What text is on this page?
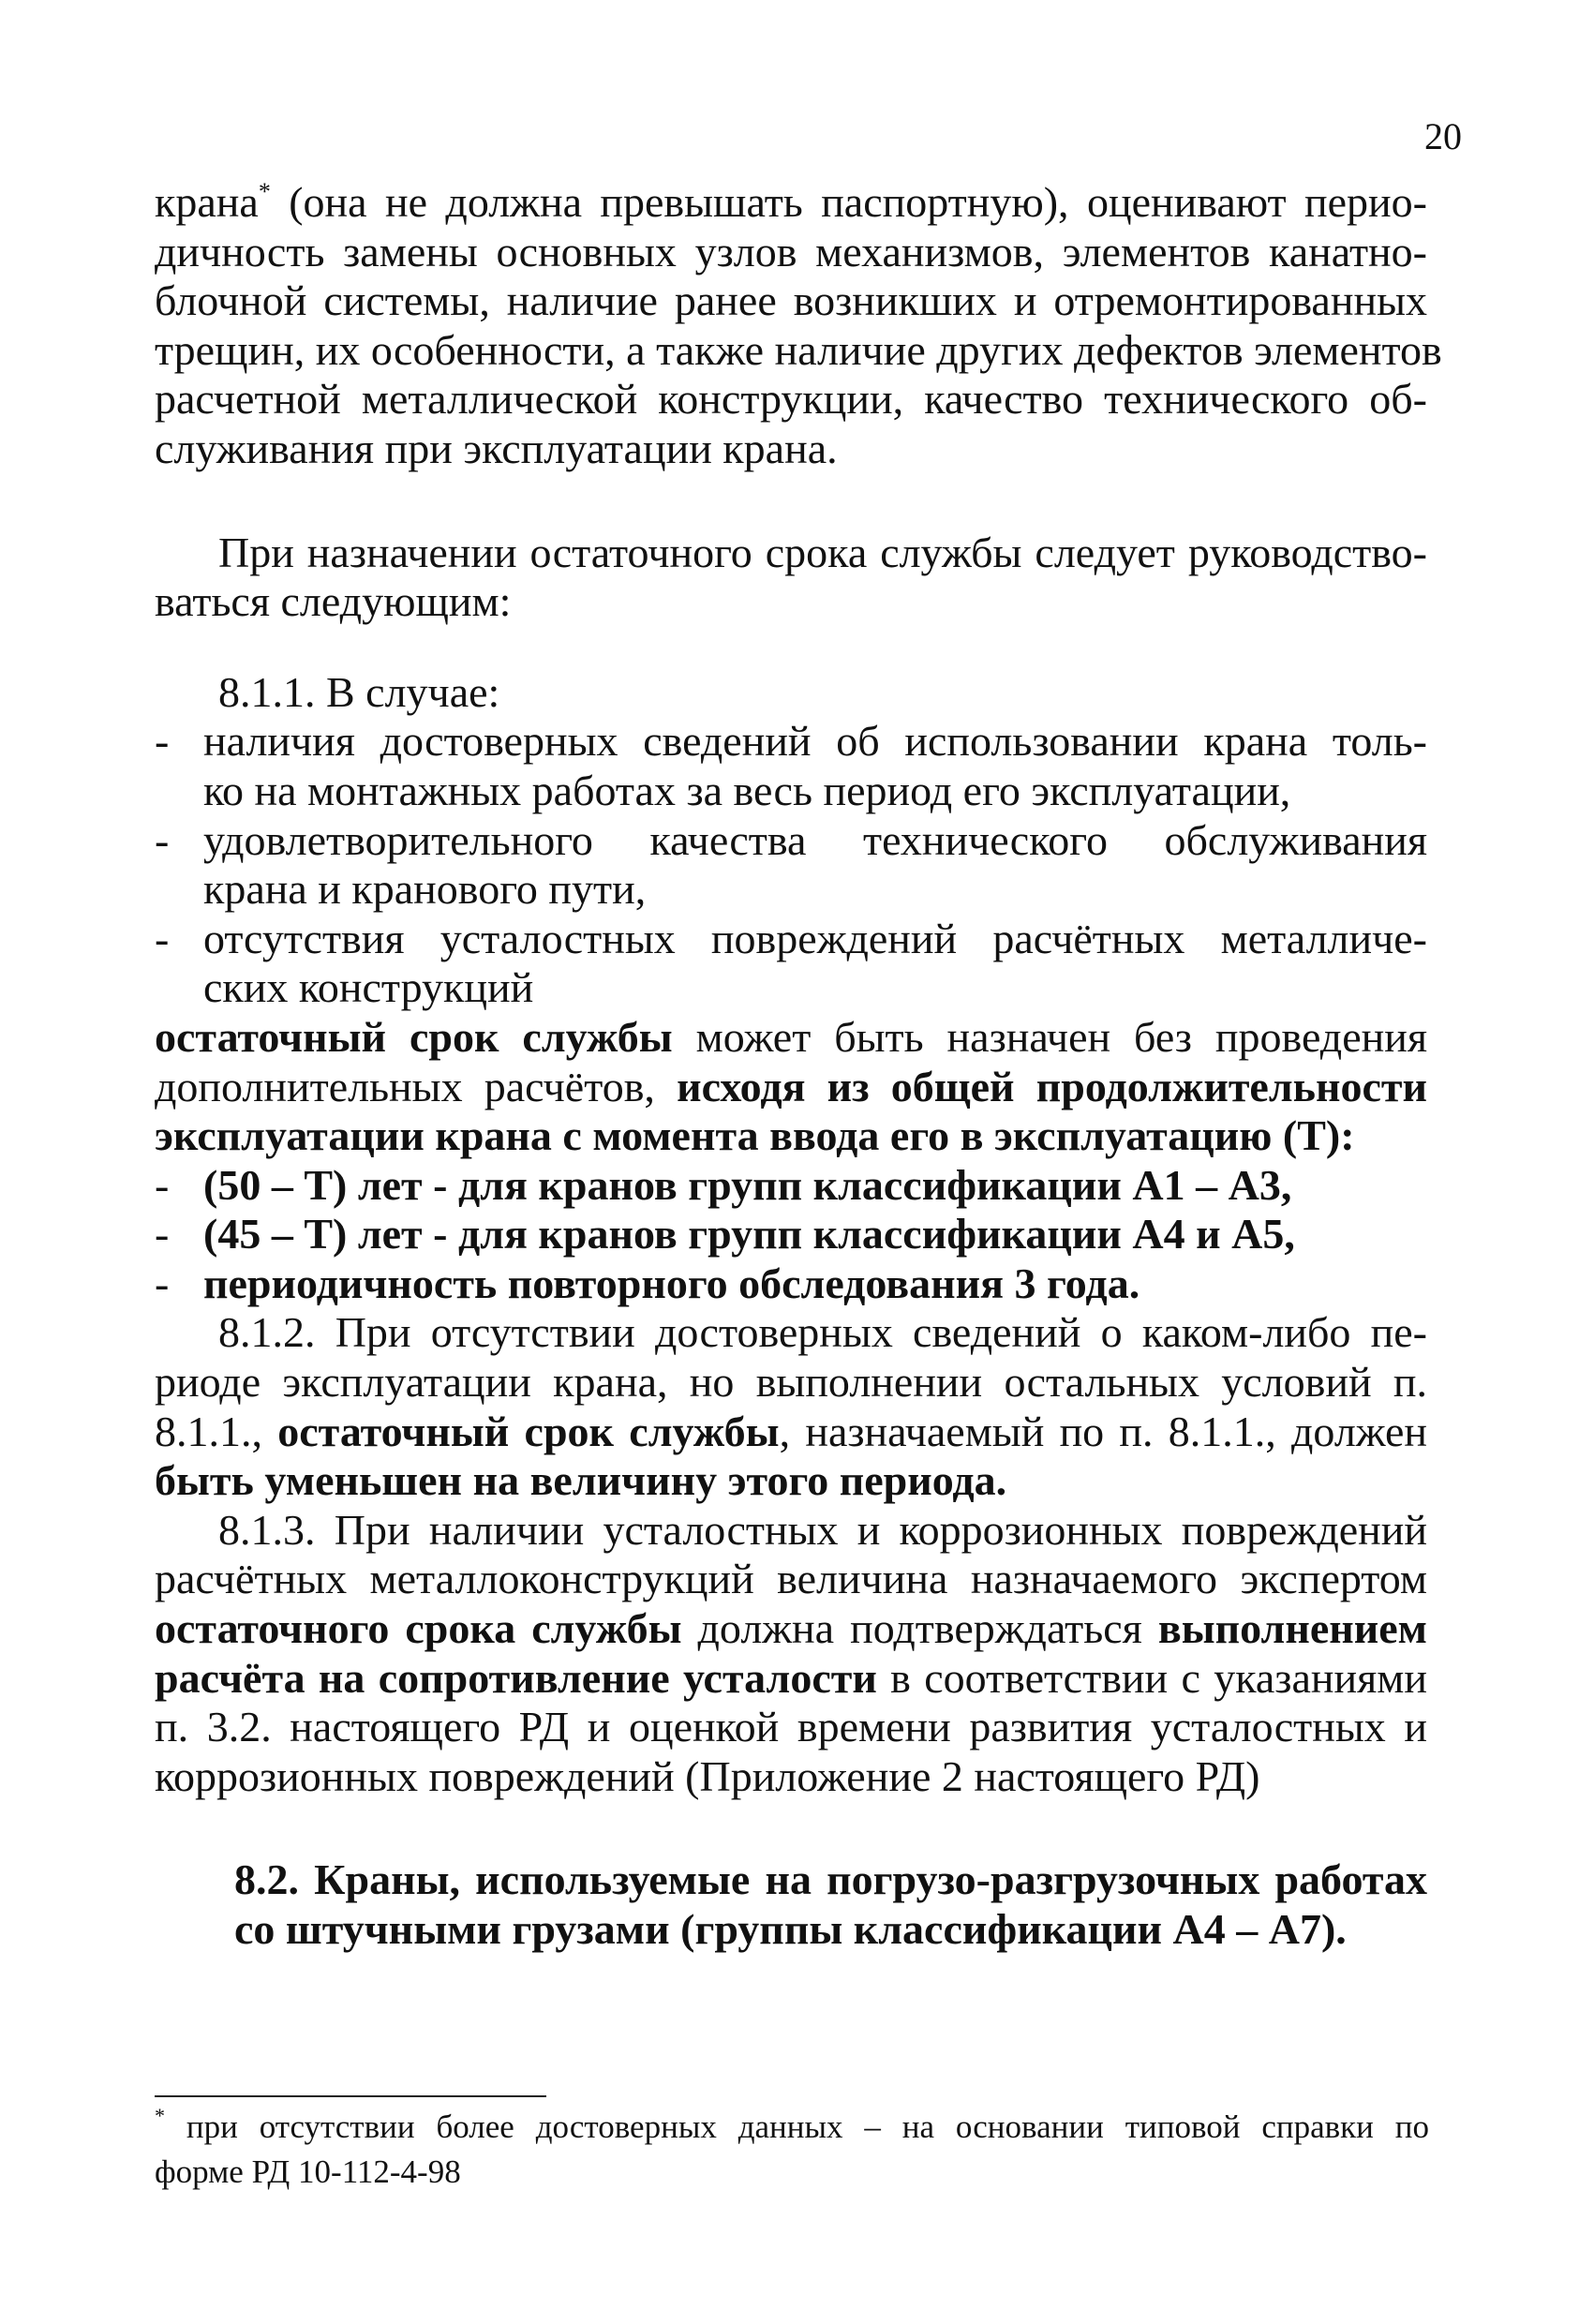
20

крана* (она не должна превышать паспортную), оценивают перио-
дичность замены основных узлов механизмов, элементов канатно-
блочной системы, наличие ранее возникших и отремонтированных
трещин, их особенности, а также наличие других дефектов элементов
расчетной металлической конструкции, качество технического об-
служивания при эксплуатации крана.

При назначении остаточного срока службы следует руководство-
ваться следующим:

8.1.1. В случае:
- наличия достоверных сведений об использовании крана толь-
ко на монтажных работах за весь период его эксплуатации,
- удовлетворительного качества технического обслуживания
крана и кранового пути,
- отсутствия усталостных повреждений расчётных металличе-
ских конструкций
остаточный срок службы может быть назначен без проведения
дополнительных расчётов, исходя из общей продолжительности
эксплуатации крана с момента ввода его в эксплуатацию (Т):
- (50 – Т) лет - для кранов групп классификации А1 – А3,
- (45 – Т) лет - для кранов групп классификации А4 и А5,
- периодичность повторного обследования 3 года.
8.1.2. При отсутствии достоверных сведений о каком-либо пе-
риоде эксплуатации крана, но выполнении остальных условий п.
8.1.1., остаточный срок службы, назначаемый по п. 8.1.1., должен
быть уменьшен на величину этого периода.
8.1.3. При наличии усталостных и коррозионных повреждений
расчётных металлоконструкций величина назначаемого экспертом
остаточного срока службы должна подтверждаться выполнением
расчёта на сопротивление усталости в соответствии с указаниями
п. 3.2. настоящего РД и оценкой времени развития усталостных и
коррозионных повреждений (Приложение 2 настоящего РД)
8.2. Краны, используемые на погрузо-разгрузочных работах
со штучными грузами (группы классификации А4 – А7).
* при отсутствии более достоверных данных – на основании типовой справки по
форме РД 10-112-4-98
